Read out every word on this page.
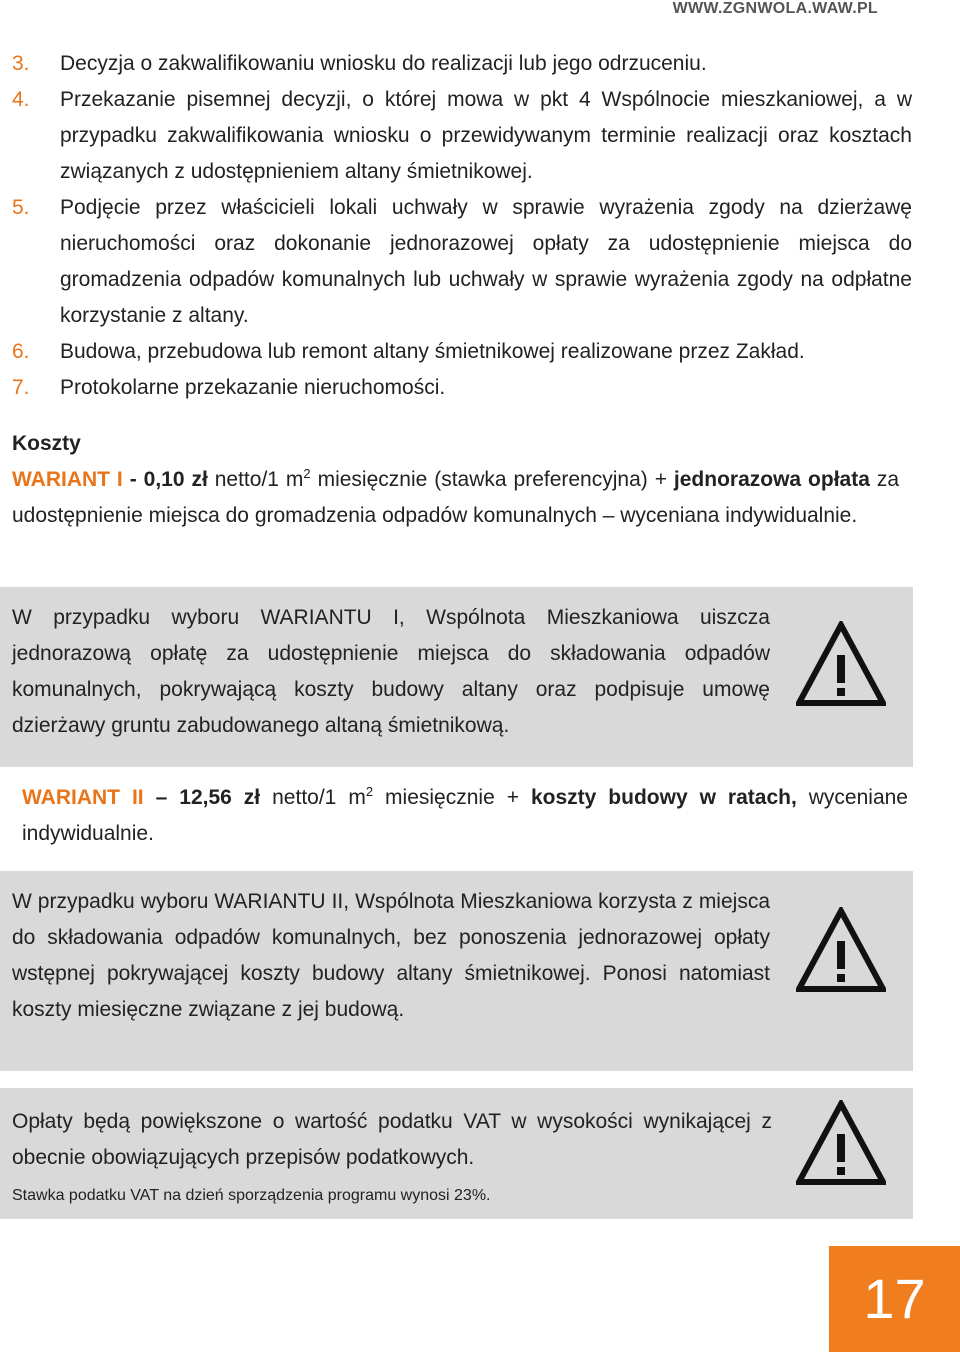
WWW.ZGNWOLA.WAW.PL
3.	Decyzja o zakwalifikowaniu wniosku do realizacji lub jego odrzuceniu.
4.	Przekazanie pisemnej decyzji, o której mowa w pkt 4 Wspólnocie mieszkaniowej, a w przypadku zakwalifikowania wniosku o przewidywanym terminie realizacji oraz kosztach związanych z udostępnieniem altany śmietnikowej.
5.	Podjęcie przez właścicieli lokali uchwały w sprawie wyrażenia zgody na dzierżawę nieruchomości oraz dokonanie jednorazowej opłaty za udostępnienie miejsca do gromadzenia odpadów komunalnych lub uchwały w sprawie wyrażenia zgody na odpłatne korzystanie z altany.
6.	Budowa, przebudowa lub remont altany śmietnikowej realizowane przez Zakład.
7.	Protokolarne przekazanie nieruchomości.
Koszty
WARIANT I - 0,10 zł netto/1 $m^2$ miesięcznie (stawka preferencyjna) + jednorazowa opłata za udostępnienie miejsca do gromadzenia odpadów komunalnych – wyceniana indywidualnie.
W przypadku wyboru WARIANTU I, Wspólnota Mieszkaniowa uiszcza jednorazową opłatę za udostępnienie miejsca do składowania odpadów komunalnych, pokrywającą koszty budowy altany oraz podpisuje umowę dzierżawy gruntu zabudowanego altaną śmietnikową.
WARIANT II – 12,56 zł netto/1 $m^2$ miesięcznie + koszty budowy w ratach, wyceniane indywidualnie.
W przypadku wyboru WARIANTU II, Wspólnota Mieszkaniowa korzysta z miejsca do składowania odpadów komunalnych, bez ponoszenia jednorazowej opłaty wstępnej pokrywającej koszty budowy altany śmietnikowej. Ponosi natomiast koszty miesięczne związane z jej budową.
Opłaty będą powiększone o wartość podatku VAT w wysokości wynikającej z obecnie obowiązujących przepisów podatkowych.
Stawka podatku VAT na dzień sporządzenia programu wynosi 23%.
17
